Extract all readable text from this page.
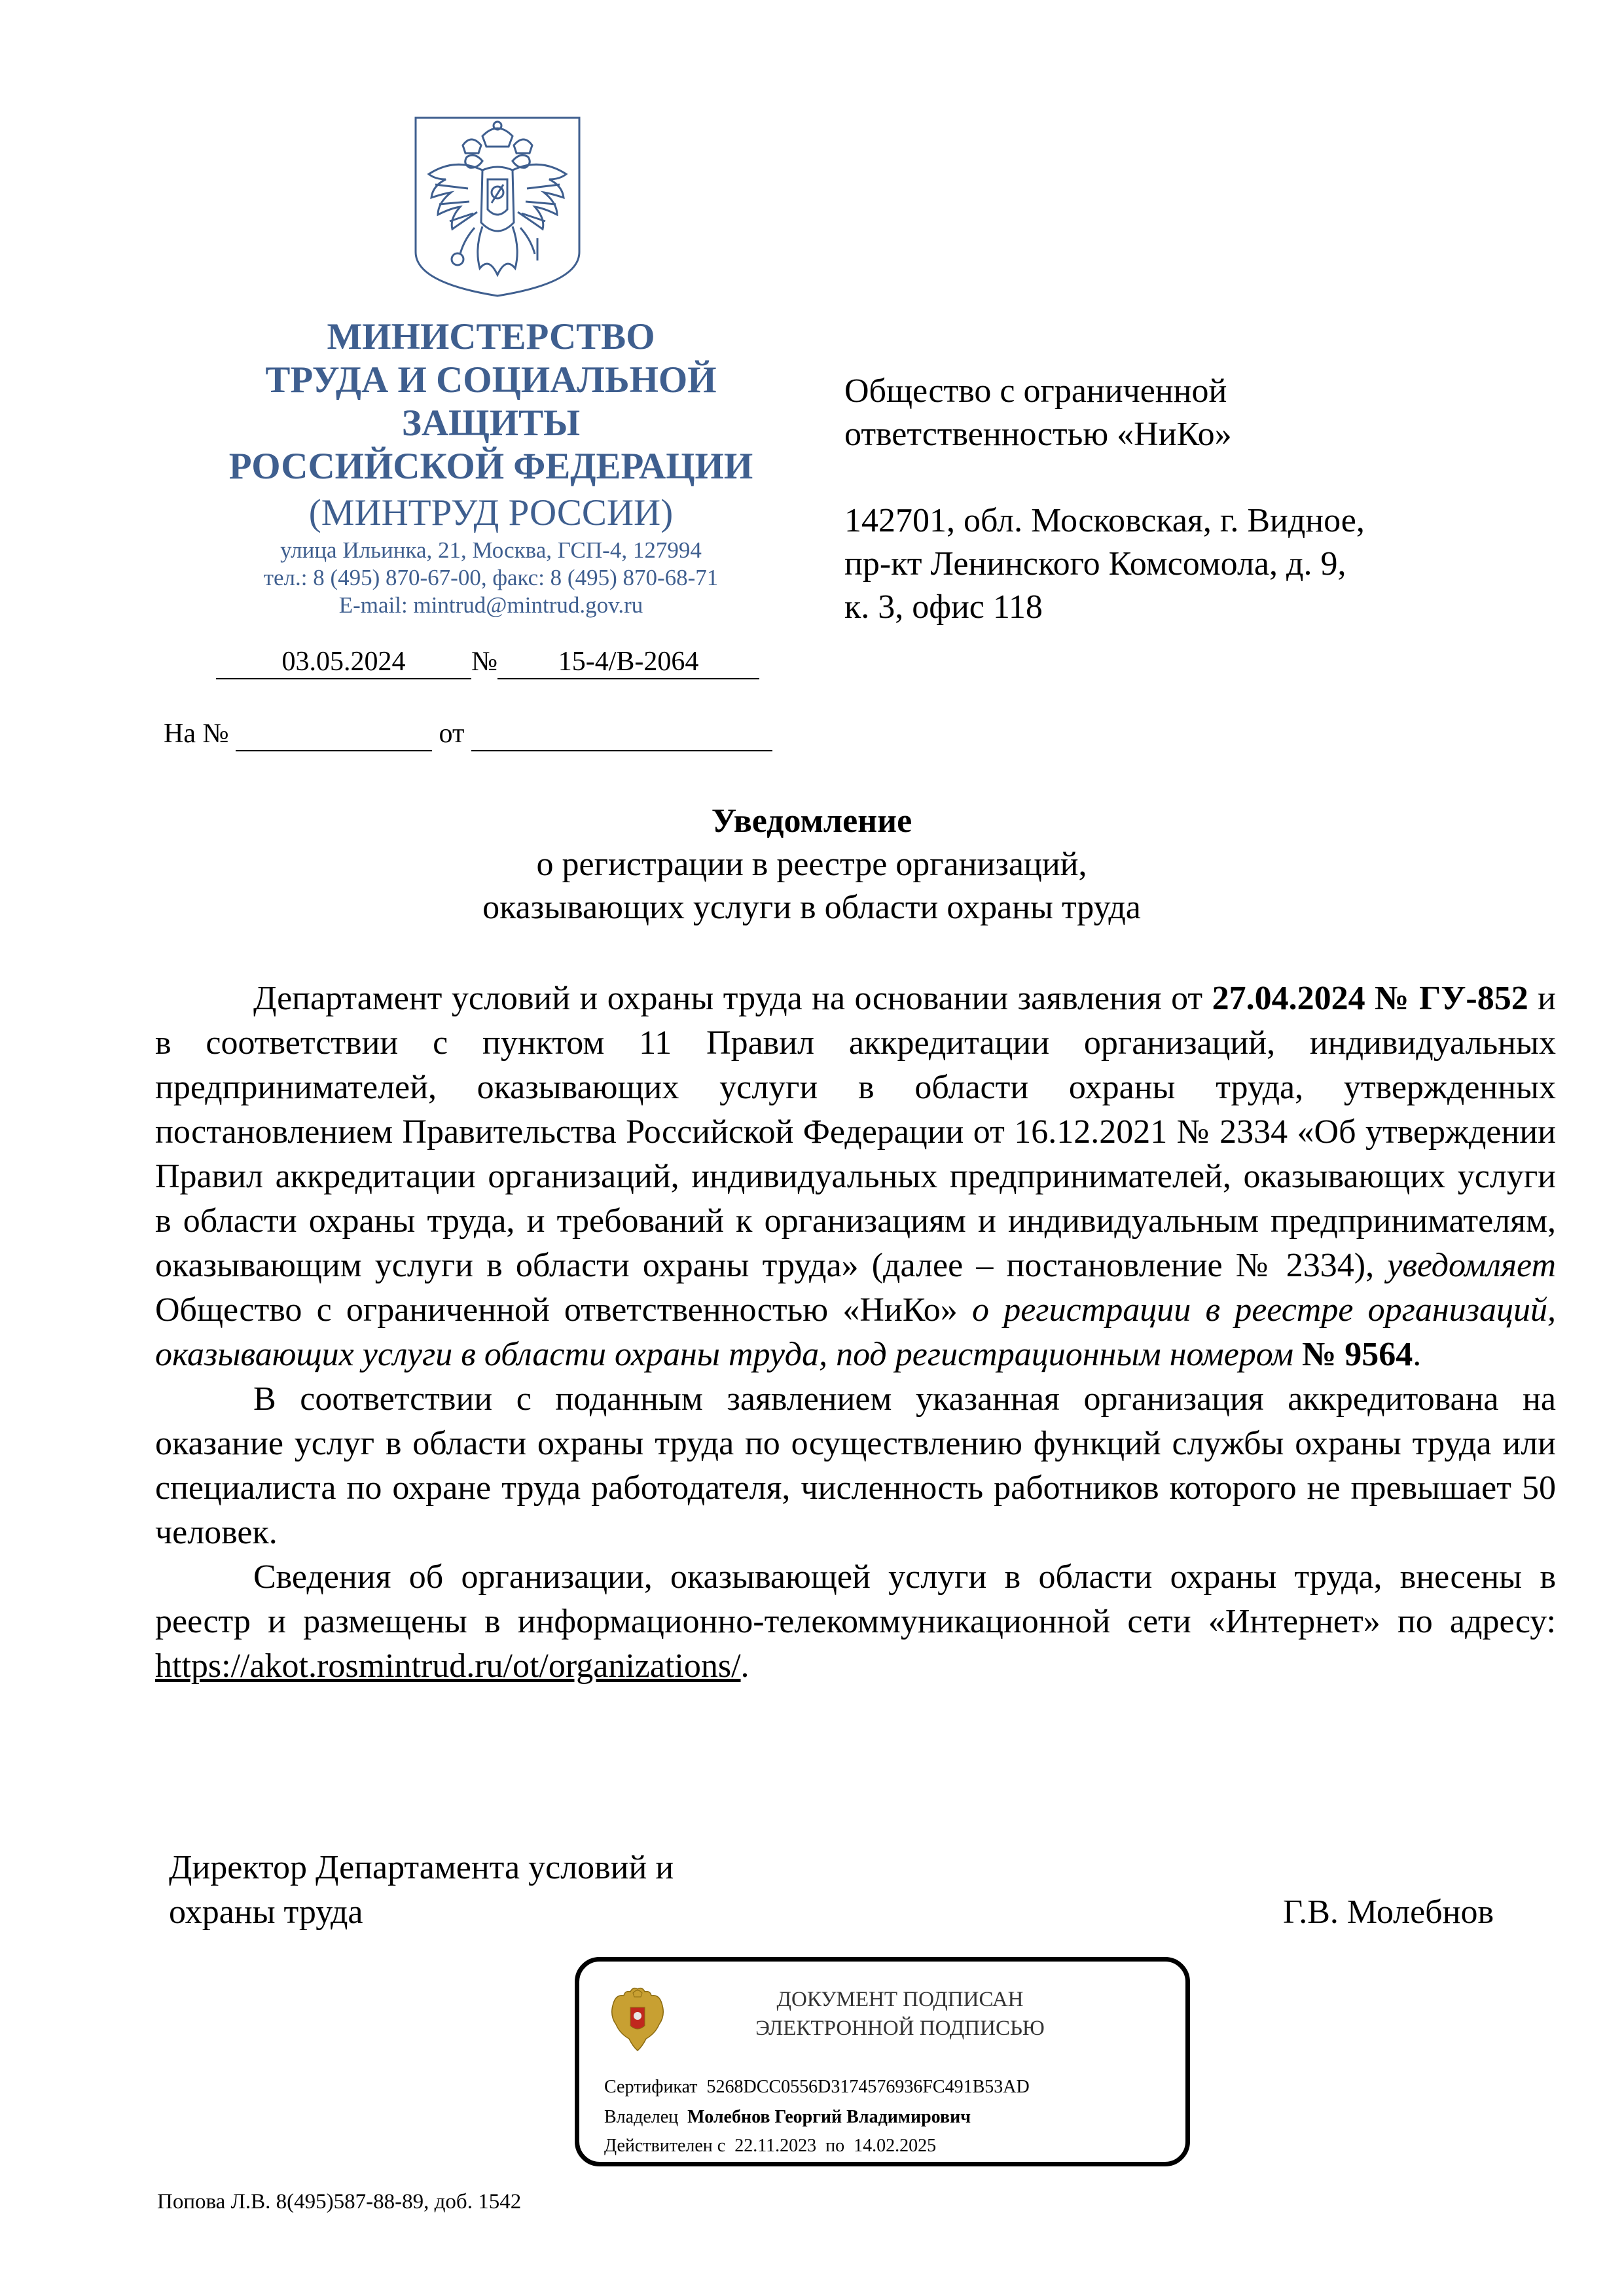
МИНИСТЕРСТВО
ТРУДА И СОЦИАЛЬНОЙ
ЗАЩИТЫ
РОССИЙСКОЙ ФЕДЕРАЦИИ
(МИНТРУД РОССИИ)
улица Ильинка, 21, Москва, ГСП-4, 127994
тел.: 8 (495) 870-67-00, факс: 8 (495) 870-68-71
E-mail: mintrud@mintrud.gov.ru
03.05.2024 № 15-4/В-2064
На №	от
Общество с ограниченной
ответственностью «НиКо»
142701, обл. Московская, г. Видное,
пр-кт Ленинского Комсомола, д. 9,
к. 3, офис 118
Уведомление
о регистрации в реестре организаций,
оказывающих услуги в области охраны труда

Департамент условий и охраны труда на основании заявления от 27.04.2024 № ГУ-852 и в соответствии с пунктом 11 Правил аккредитации организаций, индивидуальных предпринимателей, оказывающих услуги в области охраны труда, утвержденных постановлением Правительства Российской Федерации от 16.12.2021 № 2334 «Об утверждении Правил аккредитации организаций, индивидуальных предпринимателей, оказывающих услуги в области охраны труда, и требований к организациям и индивидуальным предпринимателям, оказывающим услуги в области охраны труда» (далее – постановление № 2334), уведомляет Общество с ограниченной ответственностью «НиКо» о регистрации в реестре организаций, оказывающих услуги в области охраны труда, под регистрационным номером № 9564.

В соответствии с поданным заявлением указанная организация аккредитована на оказание услуг в области охраны труда по осуществлению функций службы охраны труда или специалиста по охране труда работодателя, численность работников которого не превышает 50 человек.

Сведения об организации, оказывающей услуги в области охраны труда, внесены в реестр и размещены в информационно-телекоммуникационной сети «Интернет» по адресу: https://akot.rosmintrud.ru/ot/organizations/.

Директор Департамента условий и
охраны труда	Г.В. Молебнов
ДОКУМЕНТ ПОДПИСАН
ЭЛЕКТРОННОЙ ПОДПИСЬЮ
Сертификат 5268DCC0556D3174576936FC491B53AD
Владелец Молебнов Георгий Владимирович
Действителен с 22.11.2023 по 14.02.2025
Попова Л.В. 8(495)587-88-89, доб. 1542
